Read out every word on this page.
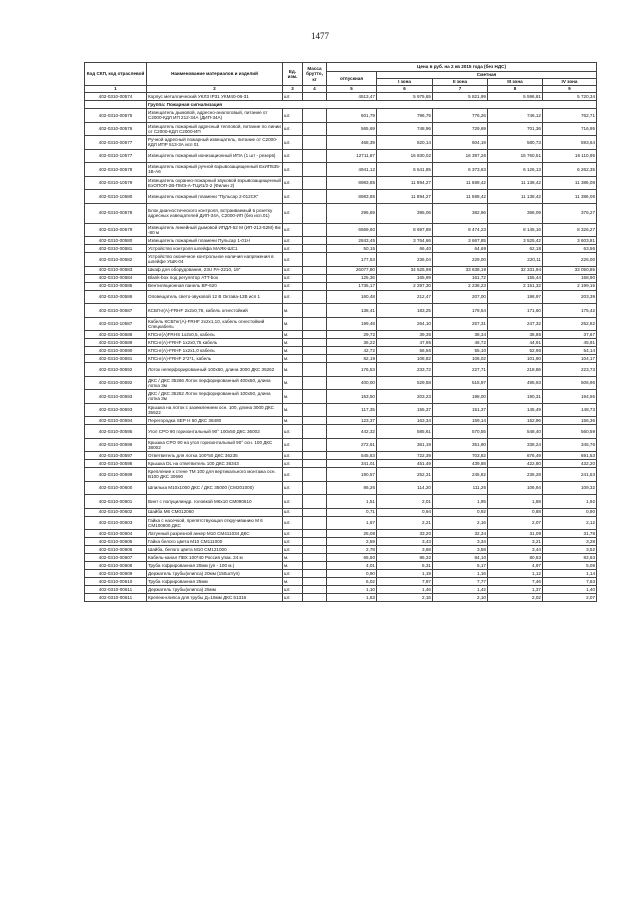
1477
Код СКП, код отраслевой	Наименование материалов и изделий	Ед. изм.	Масса брутто, кг	Цена в руб. на 2 кв 2015 года (без НДС)				
				отпускная	Сметная			
					I зона	II зона	III зона	IV зона
1	2	3	4	5	6	7	8	9
402-0310-00574	Корпус металлический УКЛ3 IP31 УКМ40-06-31	шт.		4513,47	5 975,65	5 821,99	5 596,81	5 720,34
	Группа: Пожарная сигнализация							
402-0310-00575	Извещатель дымовой, адресно-аналоговый, питание от С2000-КДЛ ИП 212-34А (ДИП-34А)	шт.		601,79	796,75	776,26	746,12	762,71
402-0310-00576	Извещатель пожарный адресный тепловой, питание по линии от С2000-КДЛ С2000-ИП	шт.		565,69	748,96	729,69	701,36	716,95
402-0310-00577	Ручной адресный пожарный извещатель, питание от С2000-КДЛ ИПР 513-3А исп 01	шт.		468,39	620,14	604,19	580,73	593,64
402-0310-10577	Извещатель пожарный ионизационный ИПА (1 шт - резерв)	шт.		12711,87	16 830,02	16 397,26	15 760,51	16 110,95
402-0310-00578	Извещатель пожарный ручной взрывозащищенный ExИП535-1В-А6	шт.		4941,12	6 541,85	6 373,63	6 126,13	6 262,35
402-0310-10579	Извещатель охранно-пожарный звуковой взрывозащищенный ExОПОП-2В-ПМЭ-А-ТЦИ1/2-2 (Филин 2)	шт.		8983,85	11 894,27	11 588,42	11 138,42	11 386,08
402-0310-10580	Извещатель пожарный пламени "Пульсар 2-012СК"	шт.		8983,85	11 894,27	11 588,42	11 138,42	11 386,08
402-0310-00578	Блок диагностического контроля, встраиваемый в розетку адресных извещателей ДИП-34А, С2000-ИП (без исп.01)	шт.		296,69	395,06	382,96	368,09	376,27
402-0310-00579	Извещатель линейный дымовой ИПДЛ-52 М (ИП-212-52М) 8м -80 м	шт.		6569,60	8 697,89	8 474,23	8 145,16	8 326,27
402-0310-00580	Извещатель пожарный пламени Пульсар 1-01Н	шт.		2843,45	3 764,66	3 667,85	3 525,42	3 603,81
402-0310-00581	Устройство контроля шлейфа МАЯК-ШС1	шт.		50,15	66,40	64,69	62,18	63,56
402-0310-00582	Устройство оконечное контрольное наличия напряжения в шлейфе УШК-04	шт.		177,53	235,04	229,00	220,11	225,00
402-0310-00583	Шкаф для оборудования, 23U РА-2210, 19"	шт.		26077,80	34 525,98	33 638,19	32 331,94	33 050,85
402-0310-00584	Blank-box под регулятор ATT-box	шт.		125,36	165,99	161,72	155,44	158,90
402-0310-00585	Вентиляционная панель ВР-620	шт.		1735,17	2 297,30	2 238,23	2 151,32	2 199,15
402-0310-00586	Оповещатель свето-звуковой 12 В Октава-12В исп 1	шт.		160,48	212,47	207,00	198,97	203,39
402-0310-00587	КСБГнг(А)-FRHF 2х2х0,78, кабель огнестойкий	м.		138,41	183,25	178,54	171,60	175,42
402-0310-10587	Кабель КСБГнг(А)-FRHF 2х2х1,10, кабель огнестойкий Спецкабель	м.		199,48	264,10	257,31	247,32	252,82
402-0310-00588	КПСнг(А)FRHS 1х2х0,5, кабель	м.		29,72	39,35	38,34	36,85	37,67
402-0310-00589	КПСнг(А)-FRHF 1х2х0,75 кабель	м.		36,22	47,95	46,72	44,91	45,91
402-0310-00590	КПСнг(А)-FRHF 1х2х1,0 кабель	м.		42,72	56,56	55,10	52,96	54,14
402-0310-00591	КПСнг(А)-FRHF 2*2*1, кабель	м.		82,19	108,82	106,02	101,90	104,17
402-0310-00592	Лоток неперфорированный 100х50, длина 3000 ДКС 35262	м.		176,53	233,72	227,71	218,86	223,73
402-0310-00592	ДКС / ДКС 35266 Лоток перфорированный 400х50, длина лотка 3м	м.		400,00	529,58	515,97	495,93	506,96
402-0310-00593	ДКС / ДКС 35262 Лоток перфорированный 100х50, длина лотка 3м	м.		153,50	203,23	198,00	190,31	194,55
402-0310-00593	Крышка на лоток с заземлением осн. 100, длина 3000 ДКС 35522	м.		117,35	155,37	151,37	145,49	148,73
402-0310-00594	Перегородка SEP H 50 ДКС 36480	м.		123,37	163,34	159,14	152,96	156,36
402-0310-00595	Угол CPO 90 горизонтальный 90° 100х50 ДКС 36002	шт.		442,32	585,61	570,55	548,40	560,59
402-0310-00596	Крышка CPO 90 на угол горизонтальный 90° осн. 100 ДКС 38002	шт.		272,61	361,19	351,90	338,24	345,76
402-0310-00597	Ответвитель для лотка 100*50 ДКС 36235	шт.		545,63	722,39	703,82	676,49	691,53
402-0310-00598	Крышка DL на ответвитель 100 ДКС 36343	шт.		341,01	451,49	439,88	422,80	432,20
402-0310-00599	Крепление к стене TM 100 для вертикального монтажа осн. В100 ДКС 30690	шт.		190,57	252,31	245,82	236,28	241,53
402-0310-00600	Шпилька М10х1000 ДКС / ДКС 35000 (CM201000)	шт.		86,26	114,20	111,26	106,94	109,32
402-0310-00601	Винт с полуцилиндр. головкой М6х10 CM090610	шт.		1,51	2,01	1,95	1,88	1,92
402-0310-00602	Шайба М6 CM012060	шт.		0,71	0,94	0,92	0,88	0,90
402-0310-00603	Гайка с насечкой, препятствующая откручиванию М 6 CM100600 ДКС	шт.		1,67	2,21	2,16	2,07	2,12
402-0310-00604	Латунный разрезной анкер М10 CM411034 ДКС	шт.		25,08	33,20	32,34	31,09	31,78
402-0310-00605	Гайка белого цвета M10 CM111000	шт.		2,59	3,43	3,34	3,21	3,28
402-0310-00606	Шайба, белого цвета M10 CM121000	шт.		2,78	3,68	3,58	3,44	3,52
402-0310-00607	Кабель-канал ПВХ 100*40 Россия упак. 24 м	м.		65,50	86,32	84,10	80,83	82,63
402-0310-00608	Труба гофрированная 20мм (уп - 100 м.)	м.		4,01	5,31	5,17	4,97	5,08
402-0310-00609	Держатель трубы(клипса) 20мм (150шт/уп)	шт.		0,90	1,19	1,16	1,12	1,14
402-0310-00610	Труба гофрированная 25мм	м.		6,02	7,97	7,77	7,46	7,63
402-0310-00611	Держатель трубы(клипса) 25мм	шт.		1,10	1,46	1,42	1,37	1,40
402-0310-00611	Крепеж-клипса для трубы Д=16мм ДКС 51316	шт.		1,63	2,16	2,10	2,02	2,07
